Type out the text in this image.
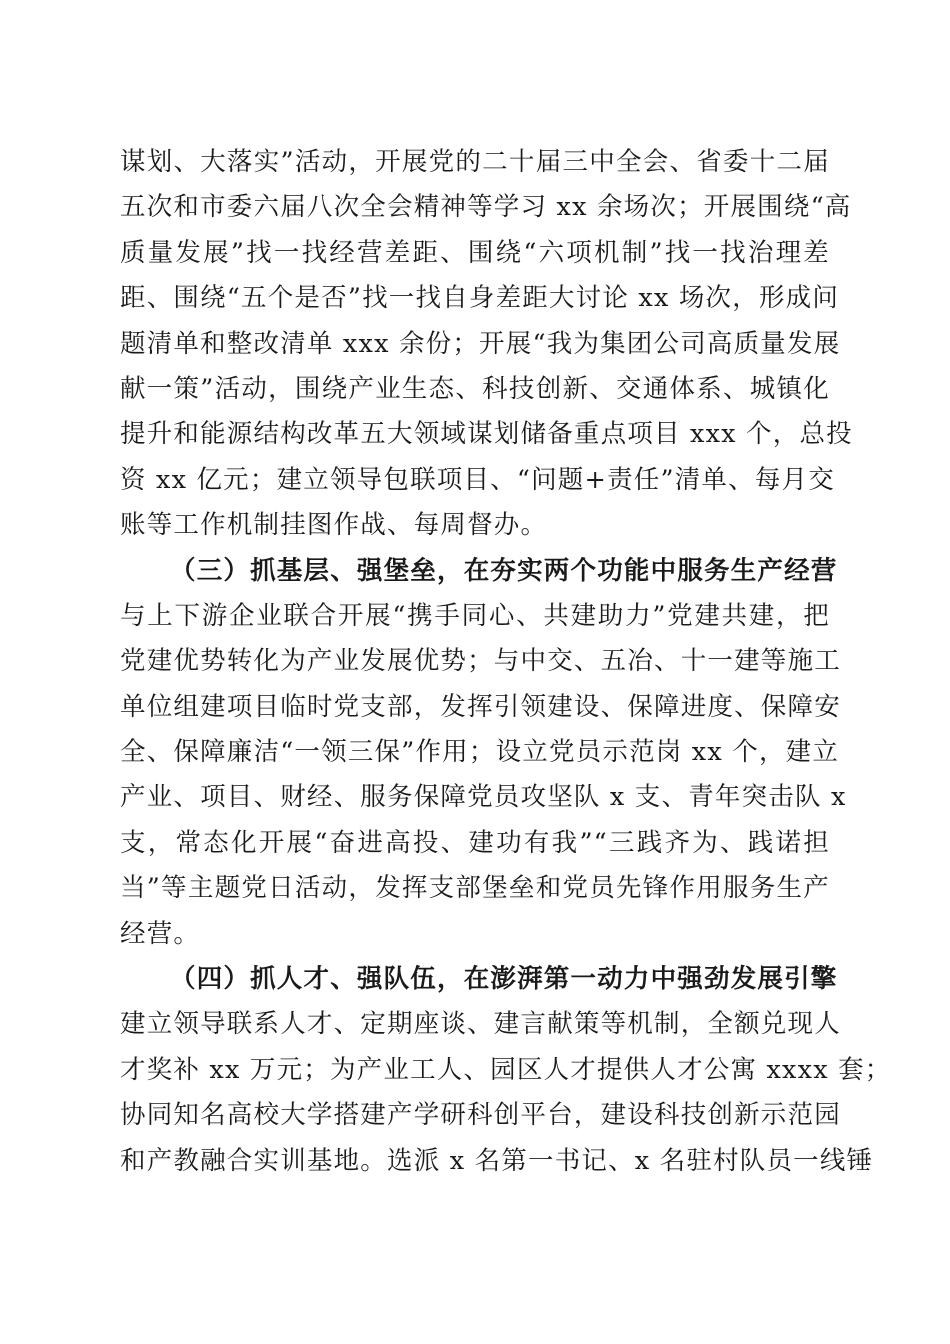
谋划、大落实”活动，开展党的二十届三中全会、省委十二届
五次和市委六届八次全会精神等学习 xx 余场次；开展围绕“高
质量发展”找一找经营差距、围绕“六项机制”找一找治理差
距、围绕“五个是否”找一找自身差距大讨论 xx 场次，形成问
题清单和整改清单 xxx 余份；开展“我为集团公司高质量发展
献一策”活动，围绕产业生态、科技创新、交通体系、城镇化
提升和能源结构改革五大领域谋划储备重点项目 xxx 个，总投
资 xx 亿元；建立领导包联项目、“问题+责任”清单、每月交
账等工作机制挂图作战、每周督办。
（三）抓基层、强堡垒，在夯实两个功能中服务生产经营
与上下游企业联合开展“携手同心、共建助力”党建共建，把
党建优势转化为产业发展优势；与中交、五冶、十一建等施工
单位组建项目临时党支部，发挥引领建设、保障进度、保障安
全、保障廉洁“一领三保”作用；设立党员示范岗 xx 个，建立
产业、项目、财经、服务保障党员攻坚队 x 支、青年突击队 x
支，常态化开展“奋进高投、建功有我”“三践齐为、践诺担
当”等主题党日活动，发挥支部堡垒和党员先锋作用服务生产
经营。
（四）抓人才、强队伍，在澎湃第一动力中强劲发展引擎
建立领导联系人才、定期座谈、建言献策等机制，全额兑现人
才奖补 xx 万元；为产业工人、园区人才提供人才公寓 xxxx 套；
协同知名高校大学搭建产学研科创平台，建设科技创新示范园
和产教融合实训基地。选派 x 名第一书记、x 名驻村队员一线锤
